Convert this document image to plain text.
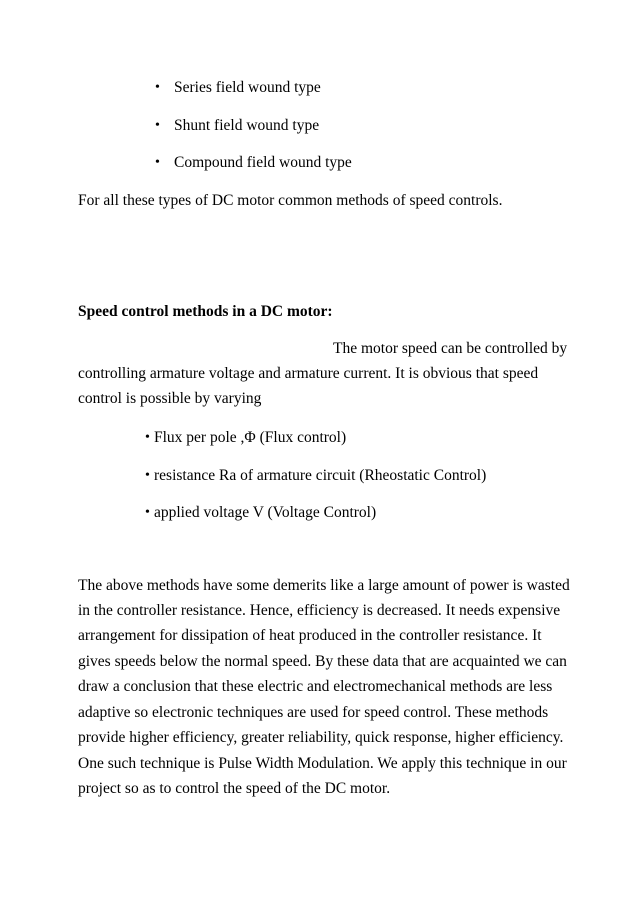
• Series field wound type
• Shunt field wound type
• Compound field wound type
For all these types of DC motor common methods of speed controls.
Speed control methods in a DC motor:
The motor speed can be controlled by
controlling armature voltage and armature current. It is obvious that speed
control is possible by varying
• Flux per pole ,Φ (Flux control)
• resistance Ra of armature circuit (Rheostatic Control)
• applied voltage V (Voltage Control)
The above methods have some demerits like a large amount of power is wasted
in the controller resistance. Hence, efficiency is decreased. It needs expensive
arrangement for dissipation of heat produced in the controller resistance. It
gives speeds below the normal speed. By these data that are acquainted we can
draw a conclusion that these electric and electromechanical methods are less
adaptive so electronic techniques are used for speed control. These methods
provide higher efficiency, greater reliability, quick response, higher efficiency.
One such technique is Pulse Width Modulation. We apply this technique in our
project so as to control the speed of the DC motor.
